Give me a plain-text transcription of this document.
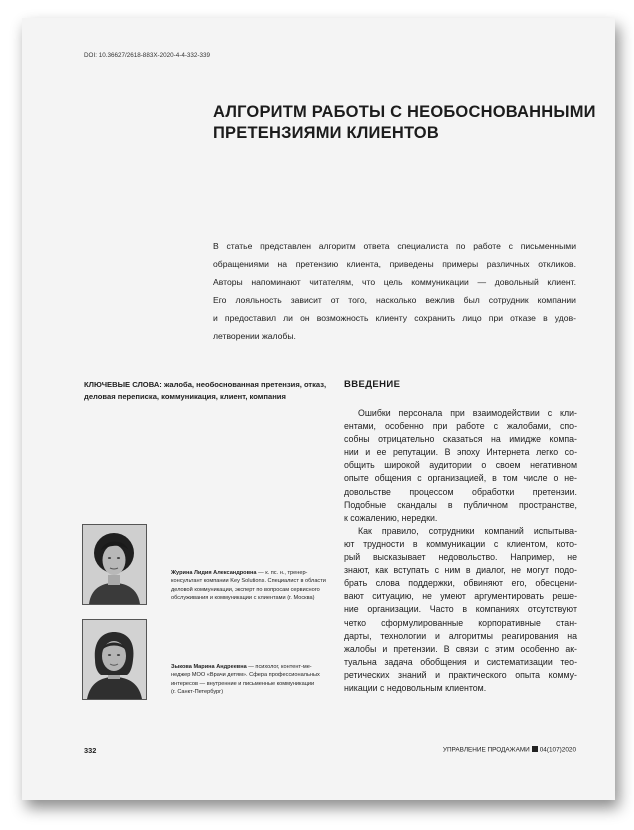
DOI: 10.36627/2618-883X-2020-4-4-332-339
АЛГОРИТМ РАБОТЫ С НЕОБОСНОВАННЫМИ
ПРЕТЕНЗИЯМИ КЛИЕНТОВ
В статье представлен алгоритм ответа специалиста по работе с письменными
обращениями на претензию клиента, приведены примеры различных откликов.
Авторы напоминают читателям, что цель коммуникации — довольный клиент.
Его лояльность зависит от того, насколько вежлив был сотрудник компании
и предоставил ли он возможность клиенту сохранить лицо при отказе в удов-
летворении жалобы.
КЛЮЧЕВЫЕ СЛОВА: жалоба, необоснованная претензия, отказ,
деловая переписка, коммуникация, клиент, компания
Журина Лидия Александровна — к. пс. н., тренер-
консультант компании Key Solutions. Специалист в области
деловой коммуникации, эксперт по вопросам сервисного
обслуживания и коммуникации с клиентами (г. Москва)
Зыкова Марина Андреевна — психолог, контент-ме-
неджер МОО «Врачи детям». Сфера профессиональных
интересов — внутренние и письменные коммуникации
(г. Санкт-Петербург)
ВВЕДЕНИЕ

Ошибки персонала при взаимодействии с кли-
ентами, особенно при работе с жалобами, спо-
собны отрицательно сказаться на имидже компа-
нии и ее репутации. В эпоху Интернета легко со-
общить широкой аудитории о своем негативном
опыте общения с организацией, в том числе о не-
довольстве процессом обработки претензии.
Подобные скандалы в публичном пространстве,
к сожалению, нередки.

Как правило, сотрудники компаний испытыва-
ют трудности в коммуникации с клиентом, кото-
рый высказывает недовольство. Например, не
знают, как вступать с ним в диалог, не могут подо-
брать слова поддержки, обвиняют его, обесцени-
вают ситуацию, не умеют аргументировать реше-
ние организации. Часто в компаниях отсутствуют
четко сформулированные корпоративные стан-
дарты, технологии и алгоритмы реагирования на
жалобы и претензии. В связи с этим особенно ак-
туальна задача обобщения и систематизации тео-
ретических знаний и практического опыта комму-
никации с недовольным клиентом.

332	УПРАВЛЕНИЕ ПРОДАЖАМИ 04(107)2020
